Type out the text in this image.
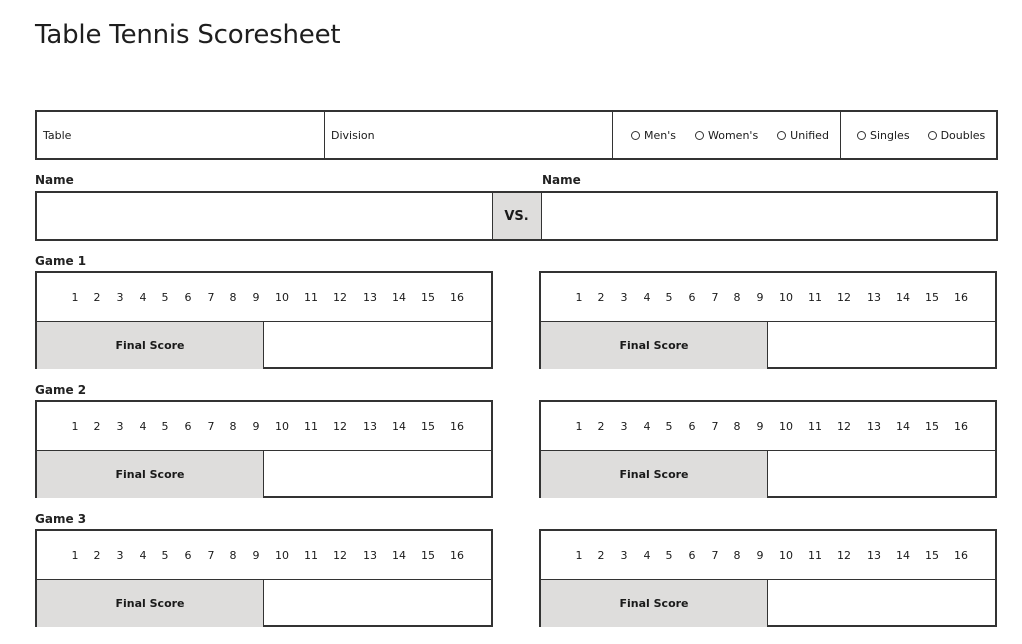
Table Tennis Scoresheet
Table	Division	Men's	Women's	Unified	Singles	Doubles
Name	Name
VS.
Game 1
1 2 3 4 5 6 7 8 9 10 11 12 13 14 15 16
Final Score
1 2 3 4 5 6 7 8 9 10 11 12 13 14 15 16
Final Score
Game 2
1 2 3 4 5 6 7 8 9 10 11 12 13 14 15 16
Final Score
1 2 3 4 5 6 7 8 9 10 11 12 13 14 15 16
Final Score
Game 3
1 2 3 4 5 6 7 8 9 10 11 12 13 14 15 16
Final Score
1 2 3 4 5 6 7 8 9 10 11 12 13 14 15 16
Final Score
